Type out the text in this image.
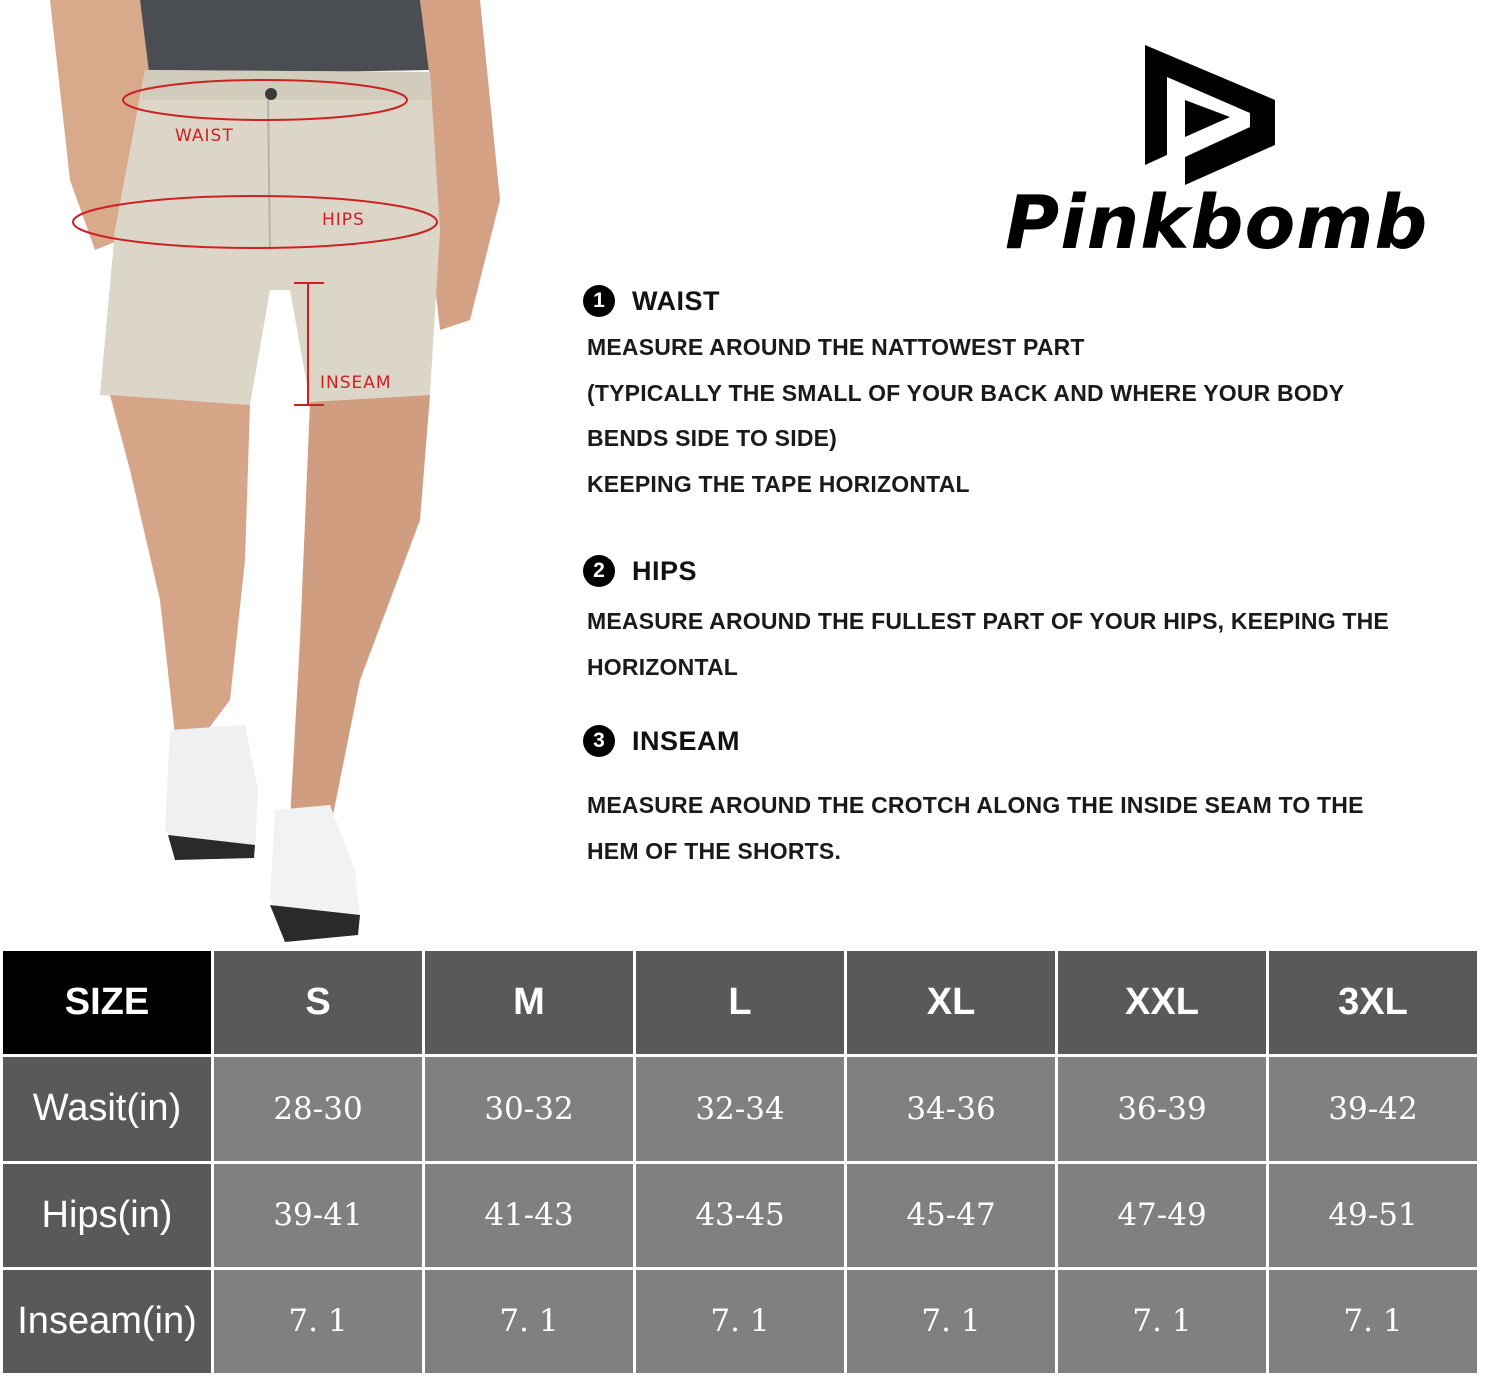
WAIST
HIPS
INSEAM
Pinkbomb
1	WAIST
MEASURE AROUND THE NATTOWEST PART
(TYPICALLY THE SMALL OF YOUR BACK AND WHERE YOUR BODY
BENDS SIDE TO SIDE)
KEEPING THE TAPE HORIZONTAL
2	HIPS
MEASURE AROUND THE FULLEST PART OF YOUR HIPS, KEEPING THE
HORIZONTAL
3	INSEAM
MEASURE AROUND THE CROTCH ALONG THE INSIDE SEAM TO THE
HEM OF THE SHORTS.
SIZE	S	M	L	XL	XXL	3XL
Wasit(in)	28-30	30-32	32-34	34-36	36-39	39-42
Hips(in)	39-41	41-43	43-45	45-47	47-49	49-51
Inseam(in)	7. 1	7. 1	7. 1	7. 1	7. 1	7. 1
